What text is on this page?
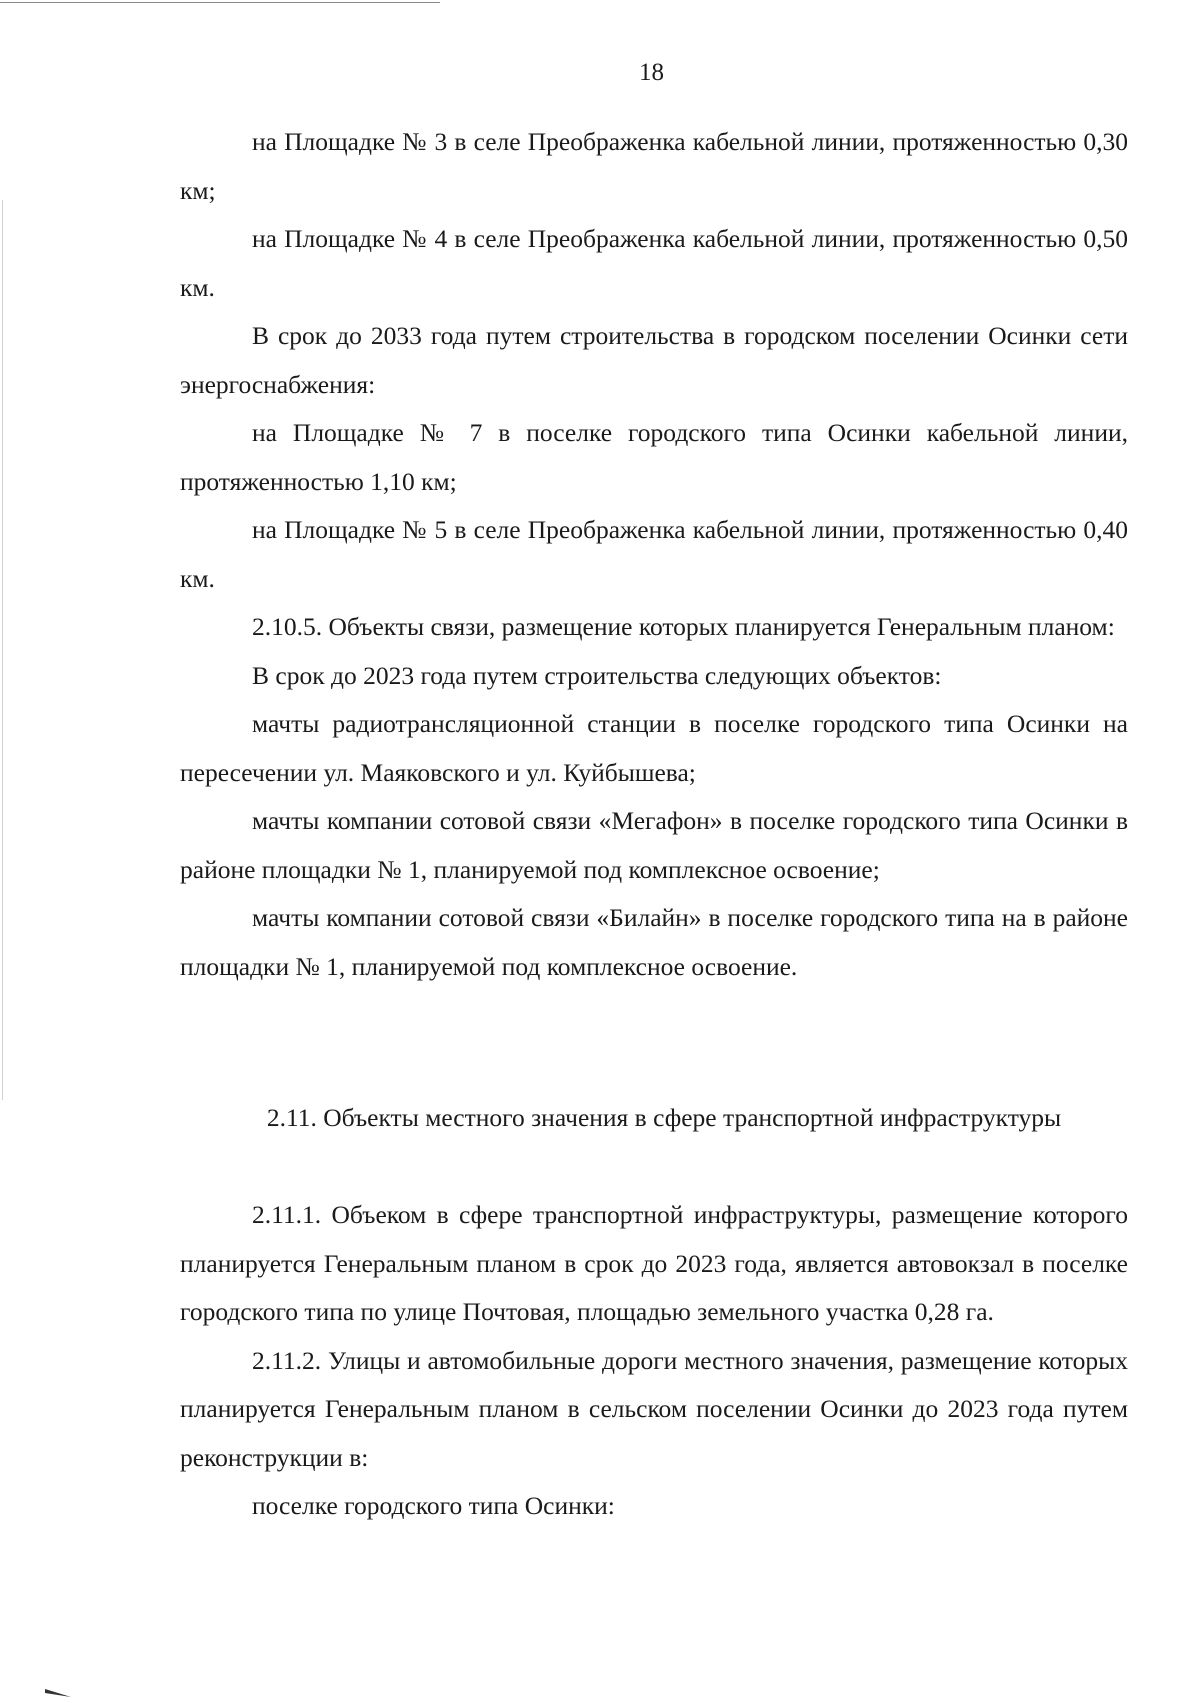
18

на Площадке № 3 в селе Преображенка кабельной линии, протяженностью 0,30 км;

на Площадке № 4 в селе Преображенка кабельной линии, протяженностью 0,50 км.

В срок до 2033 года путем строительства в городском поселении Осинки сети энергоснабжения:

на Площадке № 7 в поселке городского типа Осинки кабельной линии, протяженностью 1,10 км;

на Площадке № 5 в селе Преображенка кабельной линии, протяженностью 0,40 км.

2.10.5. Объекты связи, размещение которых планируется Генеральным планом:

В срок до 2023 года путем строительства следующих объектов:

мачты радиотрансляционной станции в поселке городского типа Осинки на пересечении ул. Маяковского и ул. Куйбышева;

мачты компании сотовой связи «Мегафон» в поселке городского типа Осинки в районе площадки № 1, планируемой под комплексное освоение;

мачты компании сотовой связи «Билайн» в поселке городского типа на в районе площадки № 1, планируемой под комплексное освоение.

2.11. Объекты местного значения в сфере транспортной инфраструктуры

2.11.1. Объеком в сфере транспортной инфраструктуры, размещение которого планируется Генеральным планом в срок до 2023 года, является автовокзал в поселке городского типа по улице Почтовая, площадью земельного участка 0,28 га.

2.11.2. Улицы и автомобильные дороги местного значения, размещение которых планируется Генеральным планом в сельском поселении Осинки до 2023 года путем реконструкции в:

поселке городского типа Осинки:
